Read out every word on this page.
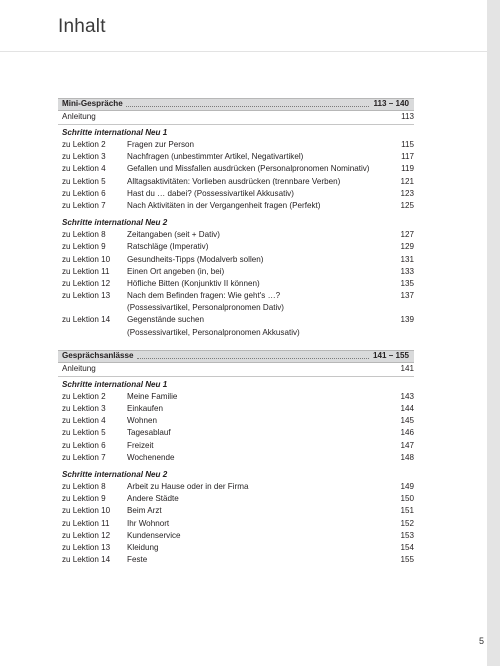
Inhalt
Mini-Gespräche	113 – 140
Anleitung	113
Schritte international Neu 1
zu Lektion 2	Fragen zur Person	115
zu Lektion 3	Nachfragen (unbestimmter Artikel, Negativartikel)	117
zu Lektion 4	Gefallen und Missfallen ausdrücken (Personalpronomen Nominativ)	119
zu Lektion 5	Alltagsaktivitäten: Vorlieben ausdrücken (trennbare Verben)	121
zu Lektion 6	Hast du … dabei? (Possessivartikel Akkusativ)	123
zu Lektion 7	Nach Aktivitäten in der Vergangenheit fragen (Perfekt)	125
Schritte international Neu 2
zu Lektion 8	Zeitangaben (seit + Dativ)	127
zu Lektion 9	Ratschläge (Imperativ)	129
zu Lektion 10	Gesundheits-Tipps (Modalverb sollen)	131
zu Lektion 11	Einen Ort angeben (in, bei)	133
zu Lektion 12	Höfliche Bitten (Konjunktiv II können)	135
zu Lektion 13	Nach dem Befinden fragen: Wie geht's …?	137
(Possessivartikel, Personalpronomen Dativ)
zu Lektion 14	Gegenstände suchen	139
(Possessivartikel, Personalpronomen Akkusativ)
Gesprächsanlässe	141 – 155
Anleitung	141
Schritte international Neu 1
zu Lektion 2	Meine Familie	143
zu Lektion 3	Einkaufen	144
zu Lektion 4	Wohnen	145
zu Lektion 5	Tagesablauf	146
zu Lektion 6	Freizeit	147
zu Lektion 7	Wochenende	148
Schritte international Neu 2
zu Lektion 8	Arbeit zu Hause oder in der Firma	149
zu Lektion 9	Andere Städte	150
zu Lektion 10	Beim Arzt	151
zu Lektion 11	Ihr Wohnort	152
zu Lektion 12	Kundenservice	153
zu Lektion 13	Kleidung	154
zu Lektion 14	Feste	155
5
